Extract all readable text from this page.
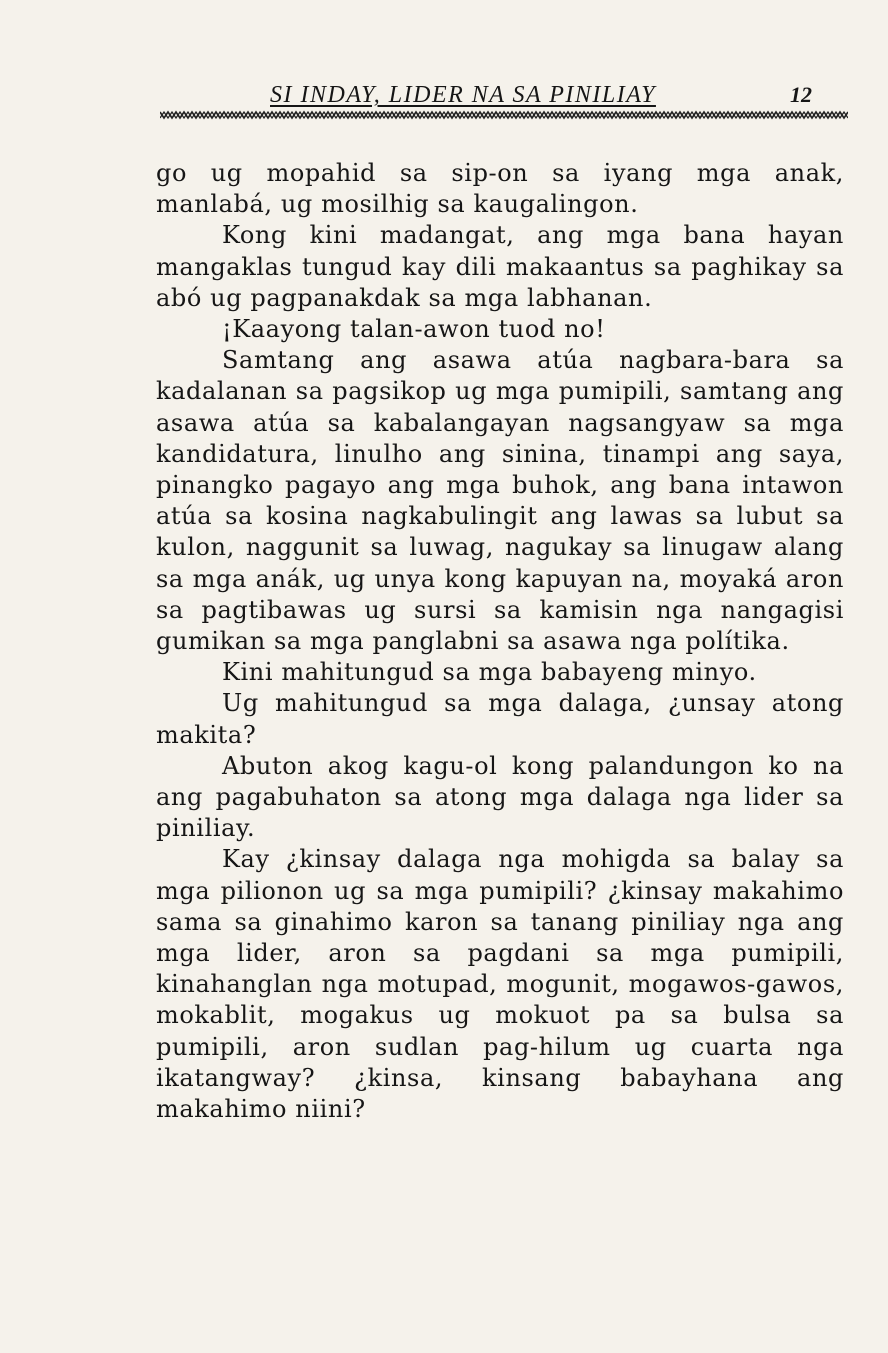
SI INDAY, LIDER NA SA PINILIAY	12

go ug mopahid sa sip-on sa iyang mga anak, manlabá, ug mosilhig sa kaugalingon.

Kong kini madangat, ang mga bana hayan mangaklas tungud kay dili makaantus sa paghikay sa abó ug pagpanakdak sa mga labhanan.

¡Kaayong talan-awon tuod no!

Samtang ang asawa atúa nagbara-bara sa kadalanan sa pagsikop ug mga pumipili, samtang ang asawa atúa sa kabalangayan nagsangyaw sa mga kandidatura, linulho ang sinina, tinampi ang saya, pinangko pagayo ang mga buhok, ang bana intawon atúa sa kosina nagkabulingit ang lawas sa lubut sa kulon, naggunit sa luwag, nagukay sa linugaw alang sa mga anák, ug unya kong kapuyan na, moyaká aron sa pagtibawas ug sursi sa kamisin nga nangagisi gumikan sa mga panglabni sa asawa nga polítika.

Kini mahitungud sa mga babayeng minyo.

Ug mahitungud sa mga dalaga, ¿unsay atong makita?

Abuton akog kagu-ol kong palandungon ko na ang pagabuhaton sa atong mga dalaga nga lider sa piniliay.

Kay ¿kinsay dalaga nga mohigda sa balay sa mga pilionon ug sa mga pumipili? ¿kinsay makahimo sama sa ginahimo karon sa tanang piniliay nga ang mga lider, aron sa pagdani sa mga pumipili, kinahanglan nga motupad, mogunit, mogawos-gawos, mokablit, mogakus ug mokuot pa sa bulsa sa pumipili, aron sudlan pag-hilum ug cuarta nga ikatangway? ¿kinsa, kinsang babayhana ang makahimo niini?
